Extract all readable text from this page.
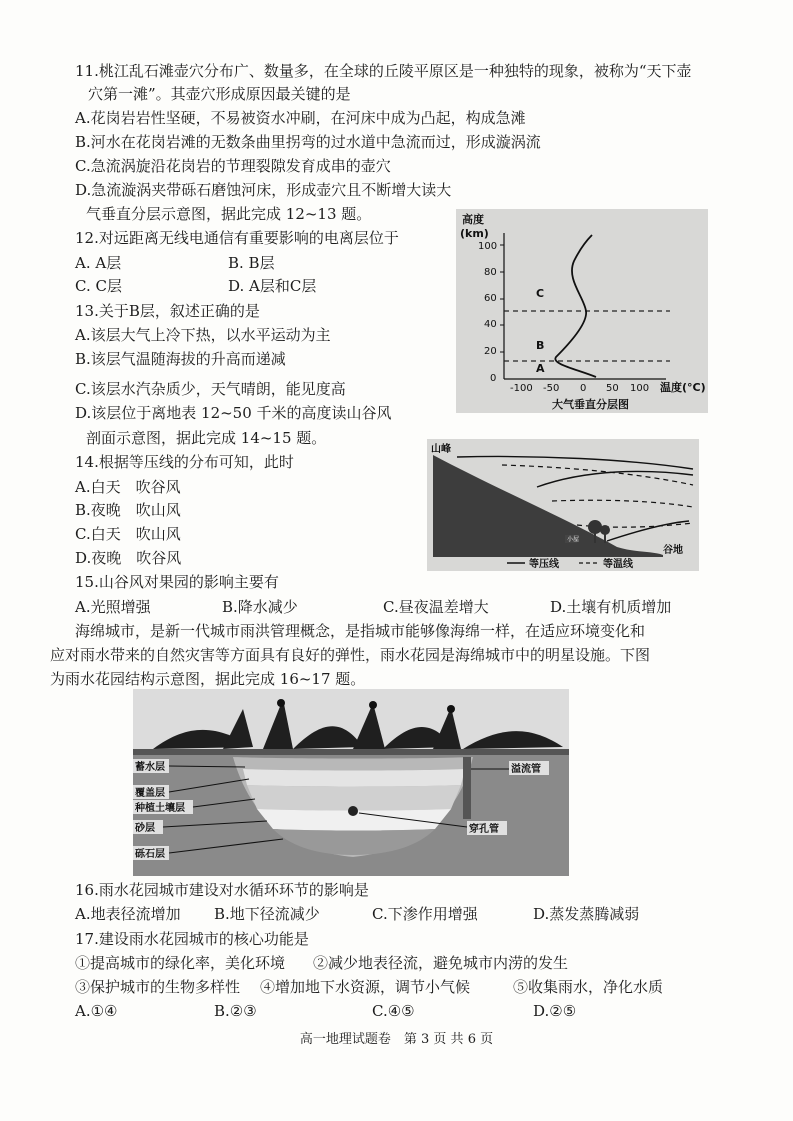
11.桃江乱石滩壶穴分布广、数量多，在全球的丘陵平原区是一种独特的现象，被称为“天下壶
穴第一滩”。其壶穴形成原因最关键的是
A.花岗岩岩性坚硬，不易被资水冲刷，在河床中成为凸起，构成急滩
B.河水在花岗岩滩的无数条曲里拐弯的过水道中急流而过，形成漩涡流
C.急流涡旋沿花岗岩的节理裂隙发育成串的壶穴
D.急流漩涡夹带砾石磨蚀河床，形成壶穴且不断增大读大
气垂直分层示意图，据此完成 12~13 题。
12.对远距离无线电通信有重要影响的电离层位于
A. A层	B. B层
C. C层	D. A层和C层
13.关于B层，叙述正确的是
A.该层大气上冷下热，以水平运动为主
B.该层气温随海拔的升高而递减
C.该层水汽杂质少，天气晴朗，能见度高
D.该层位于离地表 12~50 千米的高度读山谷风
剖面示意图，据此完成 14~15 题。
高度
(km)
100
80
60
40
20
0
-100 -50 0 50 100 温度(°C)
C
B
A
大气垂直分层图
14.根据等压线的分布可知，此时
A.白天　吹谷风
B.夜晚　吹山风
C.白天　吹山风
D.夜晚　吹谷风
山峰
小屋
谷地
等压线	等温线
15.山谷风对果园的影响主要有
A.光照增强	B.降水减少	C.昼夜温差增大	D.土壤有机质增加
海绵城市，是新一代城市雨洪管理概念，是指城市能够像海绵一样，在适应环境变化和
应对雨水带来的自然灾害等方面具有良好的弹性，雨水花园是海绵城市中的明星设施。下图
为雨水花园结构示意图，据此完成 16~17 题。
蓄水层
覆盖层
种植土壤层
砂层
砾石层
溢流管
穿孔管
16.雨水花园城市建设对水循环环节的影响是
A.地表径流增加 B.地下径流减少	C.下渗作用增强	D.蒸发蒸腾减弱
17.建设雨水花园城市的核心功能是
①提高城市的绿化率，美化环境 ②减少地表径流，避免城市内涝的发生
③保护城市的生物多样性 ④增加地下水资源，调节小气候	⑤收集雨水，净化水质
A.①④	B.②③	C.④⑤	D.②⑤
高一地理试题卷　第 3 页 共 6 页
